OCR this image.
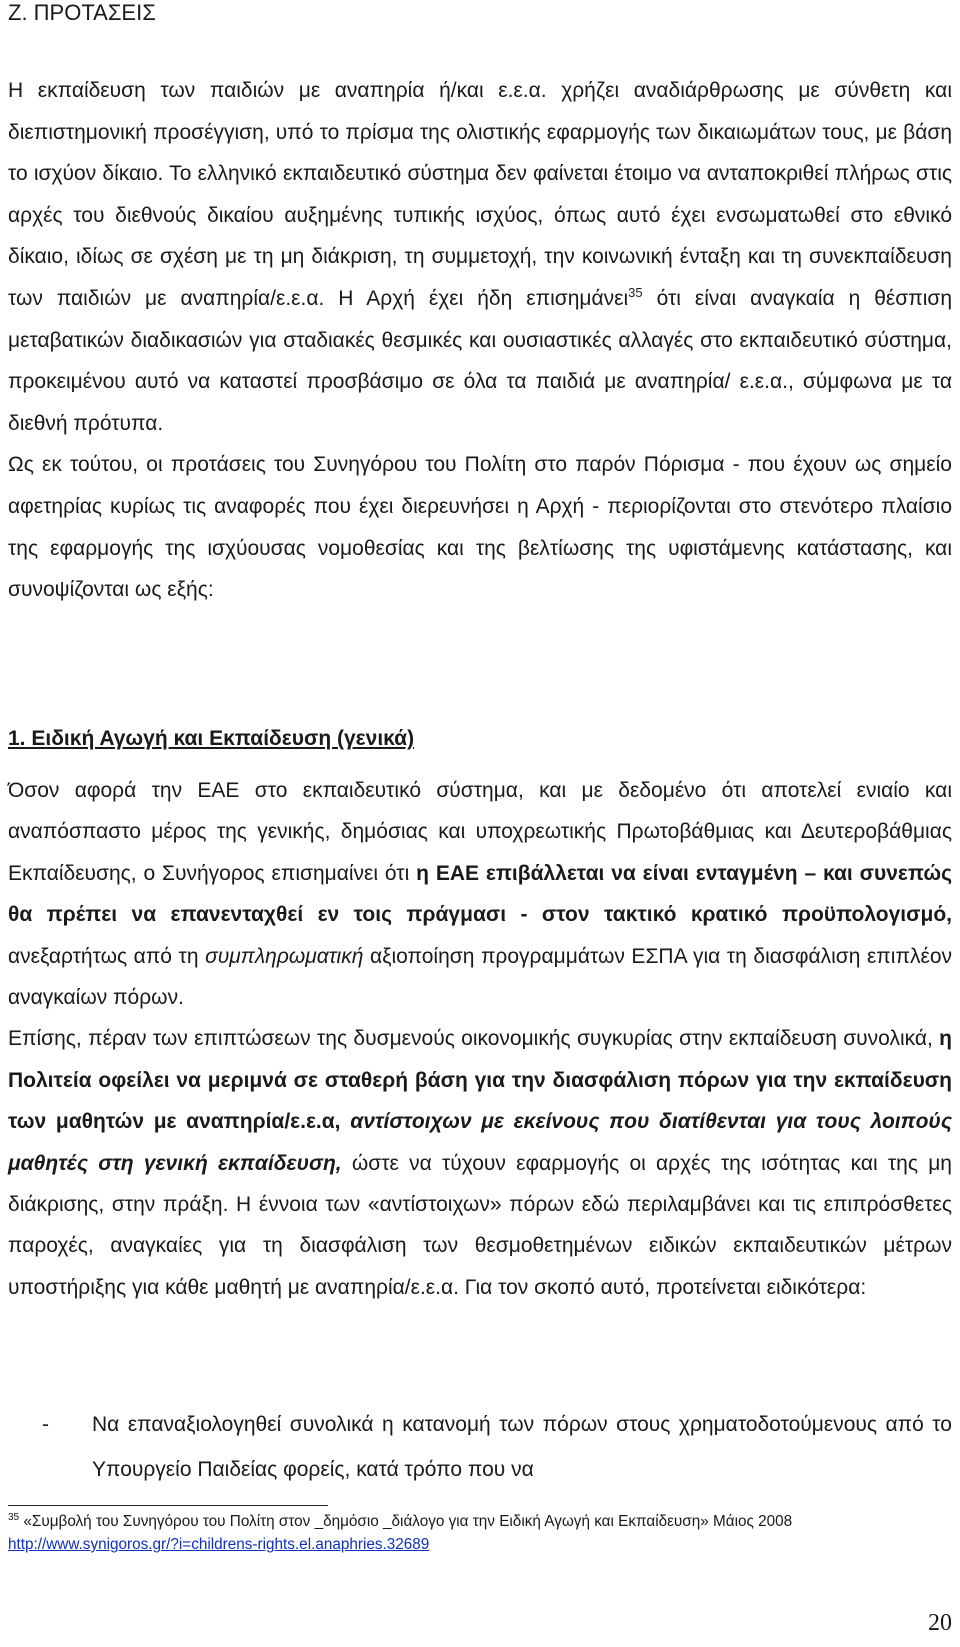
Ζ. ΠΡΟΤΑΣΕΙΣ

Η εκπαίδευση των παιδιών με αναπηρία ή/και ε.ε.α. χρήζει αναδιάρθρωσης με σύνθετη και διεπιστημονική προσέγγιση, υπό το πρίσμα της ολιστικής εφαρμογής των δικαιωμάτων τους, με βάση το ισχύον δίκαιο. Το ελληνικό εκπαιδευτικό σύστημα δεν φαίνεται έτοιμο να ανταποκριθεί πλήρως στις αρχές του διεθνούς δικαίου αυξημένης τυπικής ισχύος, όπως αυτό έχει ενσωματωθεί στο εθνικό δίκαιο, ιδίως σε σχέση με τη μη διάκριση, τη συμμετοχή, την κοινωνική ένταξη και τη συνεκπαίδευση των παιδιών με αναπηρία/ε.ε.α. Η Αρχή έχει ήδη επισημάνει$^{35}$ ότι είναι αναγκαία η θέσπιση μεταβατικών διαδικασιών για σταδιακές θεσμικές και ουσιαστικές αλλαγές στο εκπαιδευτικό σύστημα, προκειμένου αυτό να καταστεί προσβάσιμο σε όλα τα παιδιά με αναπηρία/ ε.ε.α., σύμφωνα με τα διεθνή πρότυπα.

Ως εκ τούτου, οι προτάσεις του Συνηγόρου του Πολίτη στο παρόν Πόρισμα - που έχουν ως σημείο αφετηρίας κυρίως τις αναφορές που έχει διερευνήσει η Αρχή - περιορίζονται στο στενότερο πλαίσιο της εφαρμογής της ισχύουσας νομοθεσίας και της βελτίωσης της υφιστάμενης κατάστασης, και συνοψίζονται ως εξής:

1. Ειδική Αγωγή και Εκπαίδευση (γενικά)

Όσον αφορά την ΕΑΕ στο εκπαιδευτικό σύστημα, και με δεδομένο ότι αποτελεί ενιαίο και αναπόσπαστο μέρος της γενικής, δημόσιας και υποχρεωτικής Πρωτοβάθμιας και Δευτεροβάθμιας Εκπαίδευσης, ο Συνήγορος επισημαίνει ότι η ΕΑΕ επιβάλλεται να είναι ενταγμένη – και συνεπώς θα πρέπει να επανενταχθεί εν τοις πράγμασι - στον τακτικό κρατικό προϋπολογισμό, ανεξαρτήτως από τη συμπληρωματική αξιοποίηση προγραμμάτων ΕΣΠΑ για τη διασφάλιση επιπλέον αναγκαίων πόρων.

Επίσης, πέραν των επιπτώσεων της δυσμενούς οικονομικής συγκυρίας στην εκπαίδευση συνολικά, η Πολιτεία οφείλει να μεριμνά σε σταθερή βάση για την διασφάλιση πόρων για την εκπαίδευση των μαθητών με αναπηρία/ε.ε.α, αντίστοιχων με εκείνους που διατίθενται για τους λοιπούς μαθητές στη γενική εκπαίδευση, ώστε να τύχουν εφαρμογής οι αρχές της ισότητας και της μη διάκρισης, στην πράξη. Η έννοια των «αντίστοιχων» πόρων εδώ περιλαμβάνει και τις επιπρόσθετες παροχές, αναγκαίες για τη διασφάλιση των θεσμοθετημένων ειδικών εκπαιδευτικών μέτρων υποστήριξης για κάθε μαθητή με αναπηρία/ε.ε.α. Για τον σκοπό αυτό, προτείνεται ειδικότερα:

- Να επαναξιολογηθεί συνολικά η κατανομή των πόρων στους χρηματοδοτούμενους από το Υπουργείο Παιδείας φορείς, κατά τρόπο που να
$^{35}$ «Συμβολή του Συνηγόρου του Πολίτη στον _δημόσιο _διάλογο για την Ειδική Αγωγή και Εκπαίδευση» Μάιος 2008
http://www.synigoros.gr/?i=childrens-rights.el.anaphries.32689
20
